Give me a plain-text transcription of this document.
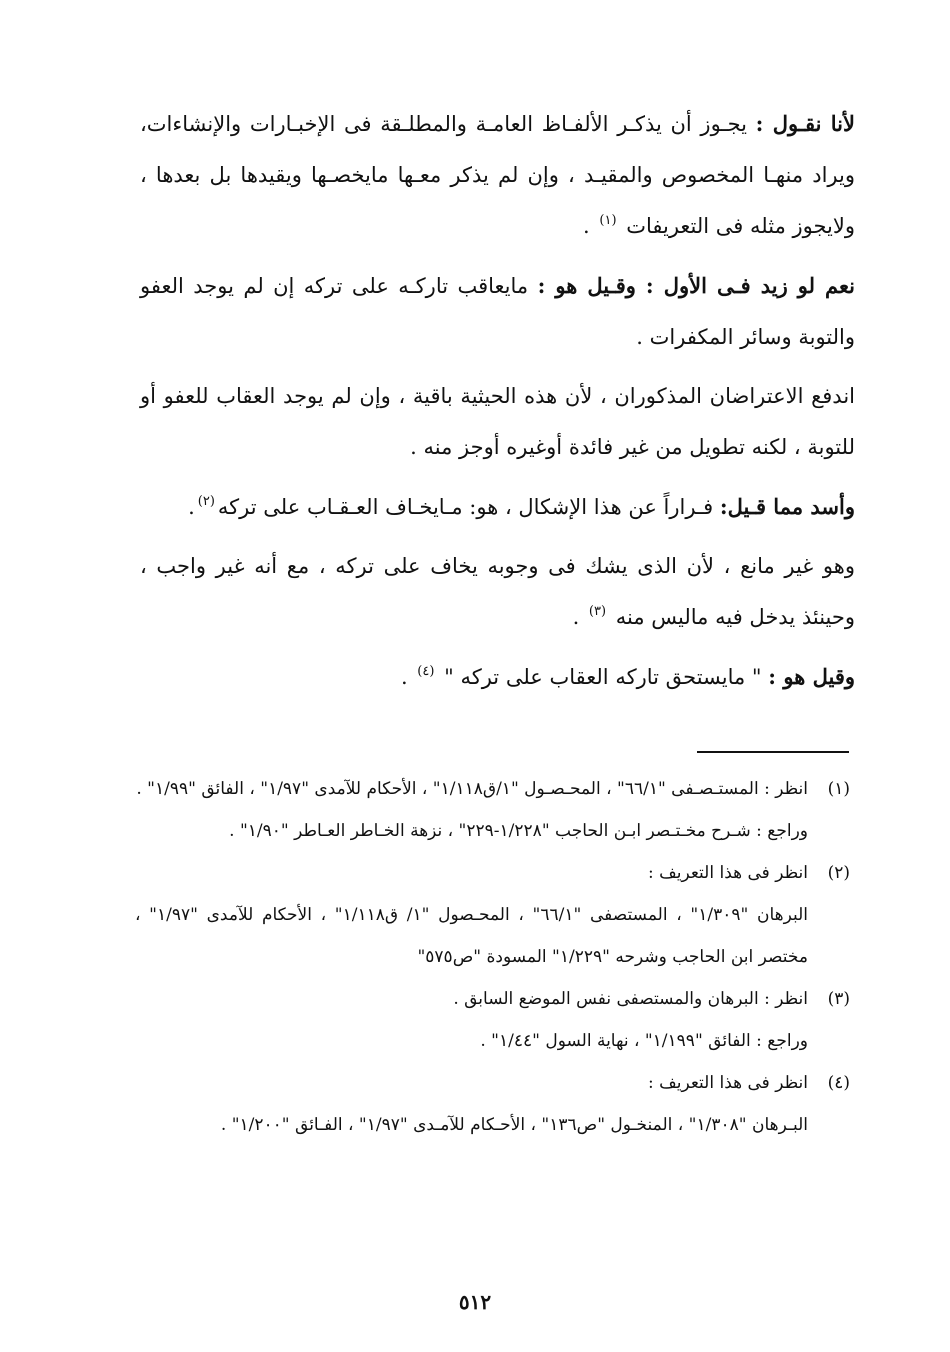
لأنا نقـول : يجـوز أن يذكـر الألفـاظ العامـة والمطلـقة فى الإخبـارات والإنشاءات، ويراد منهـا المخصوص والمقيـد ، وإن لم يذكر معـها مايخصـها ويقيدها بل بعدها ، ولايجوز مثله فى التعريفات $^{(١)}$ .

نعم لو زيد فـى الأول : وقـيل هو : مايعاقب تاركـه على تركه إن لم يوجد العفو والتوبة وسائر المكفرات .

اندفع الاعتراضان المذكوران ، لأن هذه الحيثية باقية ، وإن لم يوجد العقاب للعفو أو للتوبة ، لكنه تطويل من غير فائدة أوغيره أوجز منه .

وأسد مما قـيل: فـراراً عن هذا الإشكال ، هو: مـايخـاف العـقـاب على تركه$^{(٢)}$.

وهو غير مانع ، لأن الذى يشك فى وجوبه يخاف على تركه ، مع أنه غير واجب ، وحينئذ يدخل فيه ماليس منه $^{(٣)}$ .

وقيل هو : " مايستحق تاركه العقاب على تركه " $^{(٤)}$ .

(١)انظر : المستـصـفى "٦٦/١" ، المحـصـول "١/ق١/١١٨" ، الأحكام للآمدى "١/٩٧" ، الفائق "١/٩٩" .

وراجع : شـرح مخـتـصر ابـن الحاجب "١/٢٢٨-٢٢٩" ، نزهة الخـاطر العـاطر "١/٩٠" .

(٢)انظر فى هذا التعريف :

البرهان "١/٣٠٩" ، المستصفى "٦٦/١" ، المحـصول "١/ ق١/١١٨" ، الأحكام للآمدى "١/٩٧" ، مختصر ابن الحاجب وشرحه "١/٢٢٩" المسودة "ص٥٧٥"

(٣)انظر : البرهان والمستصفى نفس الموضع السابق .

وراجع : الفائق "١/١٩٩" ، نهاية السول "١/٤٤" .

(٤)انظر فى هذا التعريف :

البـرهان "١/٣٠٨" ، المنخـول "ص١٣٦" ، الأحـكام للآمـدى "١/٩٧" ، الفـائق "١/٢٠٠" .

٥١٢
